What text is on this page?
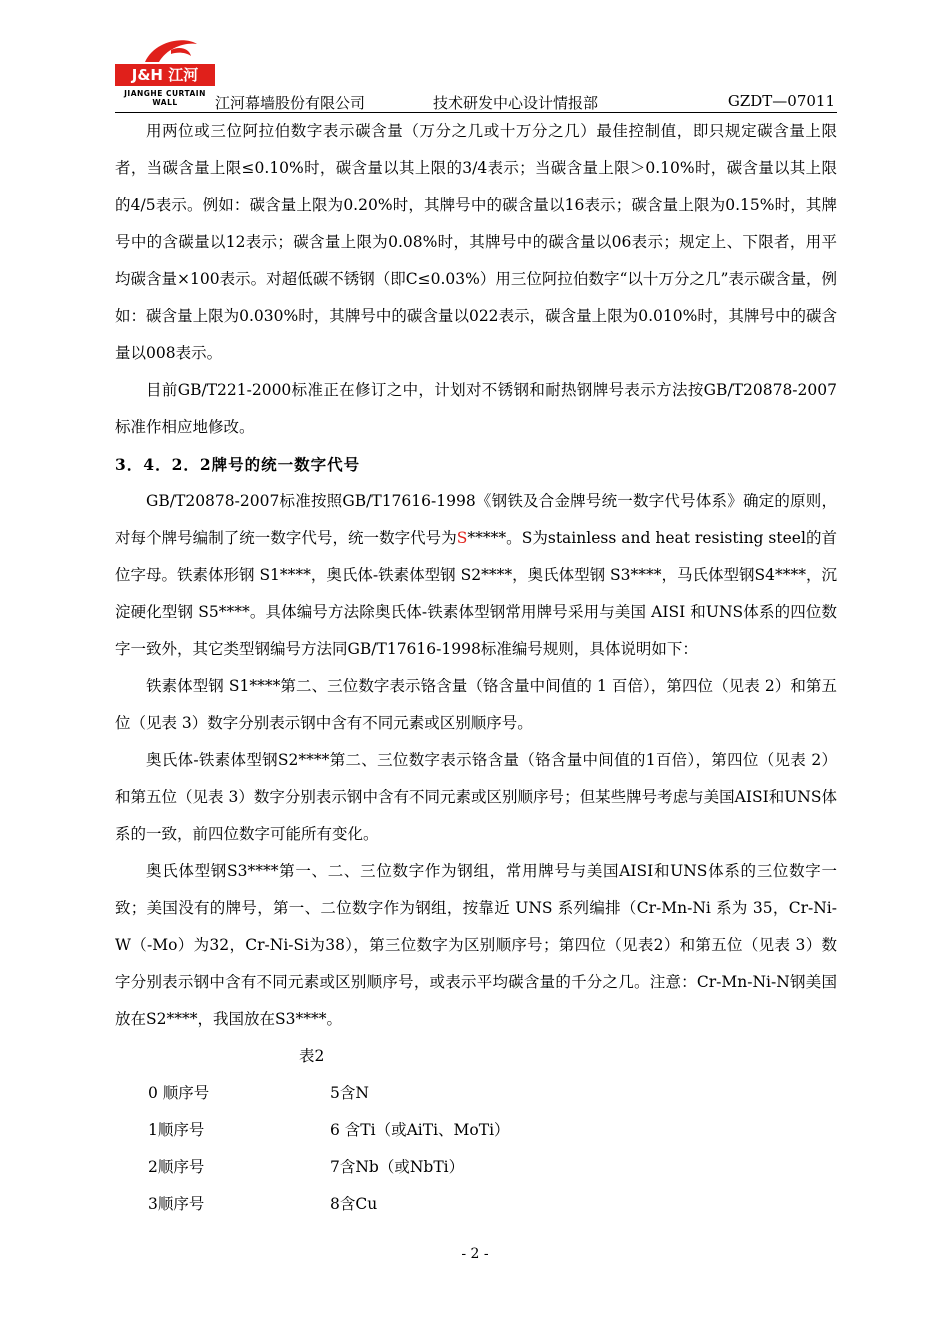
J&H 江河
JIANGHE CURTAIN WALL	江河幕墙股份有限公司	技术研发中心设计情报部	GZDT—07011

用两位或三位阿拉伯数字表示碳含量（万分之几或十万分之几）最佳控制值，即只规定碳含量上限者，当碳含量上限≤0.10%时，碳含量以其上限的3/4表示；当碳含量上限＞0.10%时，碳含量以其上限的4/5表示。例如：碳含量上限为0.20%时，其牌号中的碳含量以16表示；碳含量上限为0.15%时，其牌号中的含碳量以12表示；碳含量上限为0.08%时，其牌号中的碳含量以06表示；规定上、下限者，用平均碳含量×100表示。对超低碳不锈钢（即C≤0.03%）用三位阿拉伯数字“以十万分之几”表示碳含量，例如：碳含量上限为0.030%时，其牌号中的碳含量以022表示，碳含量上限为0.010%时，其牌号中的碳含量以008表示。

目前GB/T221-2000标准正在修订之中，计划对不锈钢和耐热钢牌号表示方法按GB/T20878-2007标准作相应地修改。

3．4．2．2牌号的统一数字代号

GB/T20878-2007标准按照GB/T17616-1998《钢铁及合金牌号统一数字代号体系》确定的原则，对每个牌号编制了统一数字代号，统一数字代号为S*****。S为stainless and heat resisting steel的首位字母。铁素体形钢 S1****，奥氏体-铁素体型钢 S2****，奥氏体型钢 S3****，马氏体型钢S4****，沉淀硬化型钢 S5****。具体编号方法除奥氏体-铁素体型钢常用牌号采用与美国 AISI 和UNS体系的四位数字一致外，其它类型钢编号方法同GB/T17616-1998标准编号规则，具体说明如下：

铁素体型钢 S1****第二、三位数字表示铬含量（铬含量中间值的 1 百倍），第四位（见表 2）和第五位（见表 3）数字分别表示钢中含有不同元素或区别顺序号。

奥氏体-铁素体型钢S2****第二、三位数字表示铬含量（铬含量中间值的1百倍），第四位（见表 2）和第五位（见表 3）数字分别表示钢中含有不同元素或区别顺序号；但某些牌号考虑与美国AISI和UNS体系的一致，前四位数字可能所有变化。

奥氏体型钢S3****第一、二、三位数字作为钢组，常用牌号与美国AISI和UNS体系的三位数字一致；美国没有的牌号，第一、二位数字作为钢组，按靠近 UNS 系列编排（Cr-Mn-Ni 系为 35，Cr-Ni-W（-Mo）为32，Cr-Ni-Si为38），第三位数字为区别顺序号；第四位（见表2）和第五位（见表 3）数字分别表示钢中含有不同元素或区别顺序号，或表示平均碳含量的千分之几。注意：Cr-Mn-Ni-N钢美国放在S2****，我国放在S3****。

表2

0 顺序号	5含N
1顺序号	6 含Ti（或AiTi、MoTi）
2顺序号	7含Nb（或NbTi）
3顺序号	8含Cu
- 2 -
